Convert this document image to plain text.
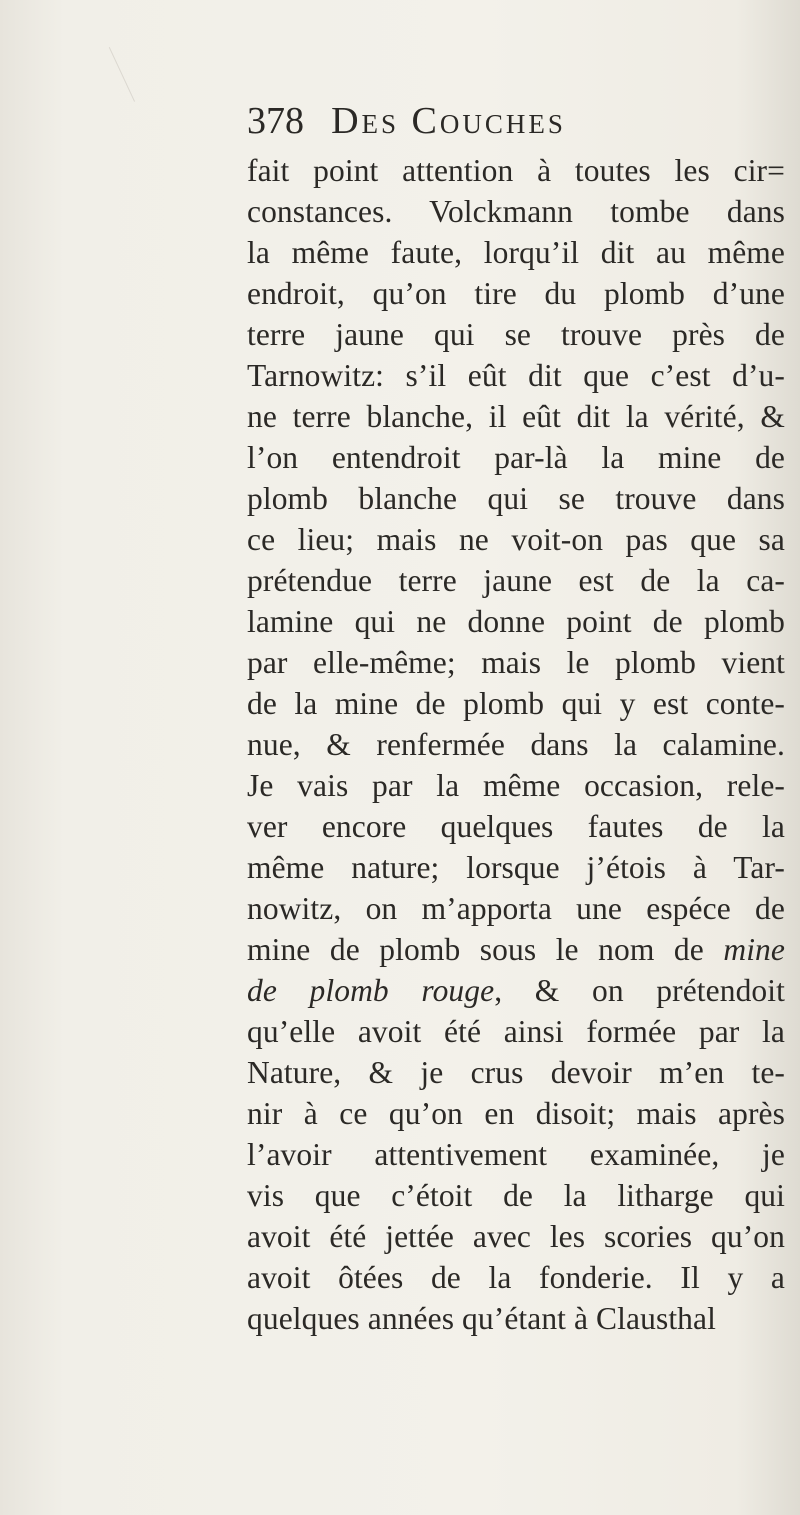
378 Des Couches
fait point attention à toutes les cir=
constances. Volckmann tombe dans
la même faute, lorqu’il dit au même
endroit, qu’on tire du plomb d’une
terre jaune qui se trouve près de
Tarnowitz: s’il eût dit que c’est d’u-
ne terre blanche, il eût dit la vérité, &
l’on entendroit par-là la mine de
plomb blanche qui se trouve dans
ce lieu; mais ne voit-on pas que sa
prétendue terre jaune est de la ca-
lamine qui ne donne point de plomb
par elle-même; mais le plomb vient
de la mine de plomb qui y est conte-
nue, & renfermée dans la calamine.
Je vais par la même occasion, rele-
ver encore quelques fautes de la
même nature; lorsque j’étois à Tar-
nowitz, on m’apporta une espéce de
mine de plomb sous le nom de mine
de plomb rouge, & on prétendoit
qu’elle avoit été ainsi formée par la
Nature, & je crus devoir m’en te-
nir à ce qu’on en disoit; mais après
l’avoir attentivement examinée, je
vis que c’étoit de la litharge qui
avoit été jettée avec les scories qu’on
avoit ôtées de la fonderie. Il y a
quelques années qu’étant à Clausthal
